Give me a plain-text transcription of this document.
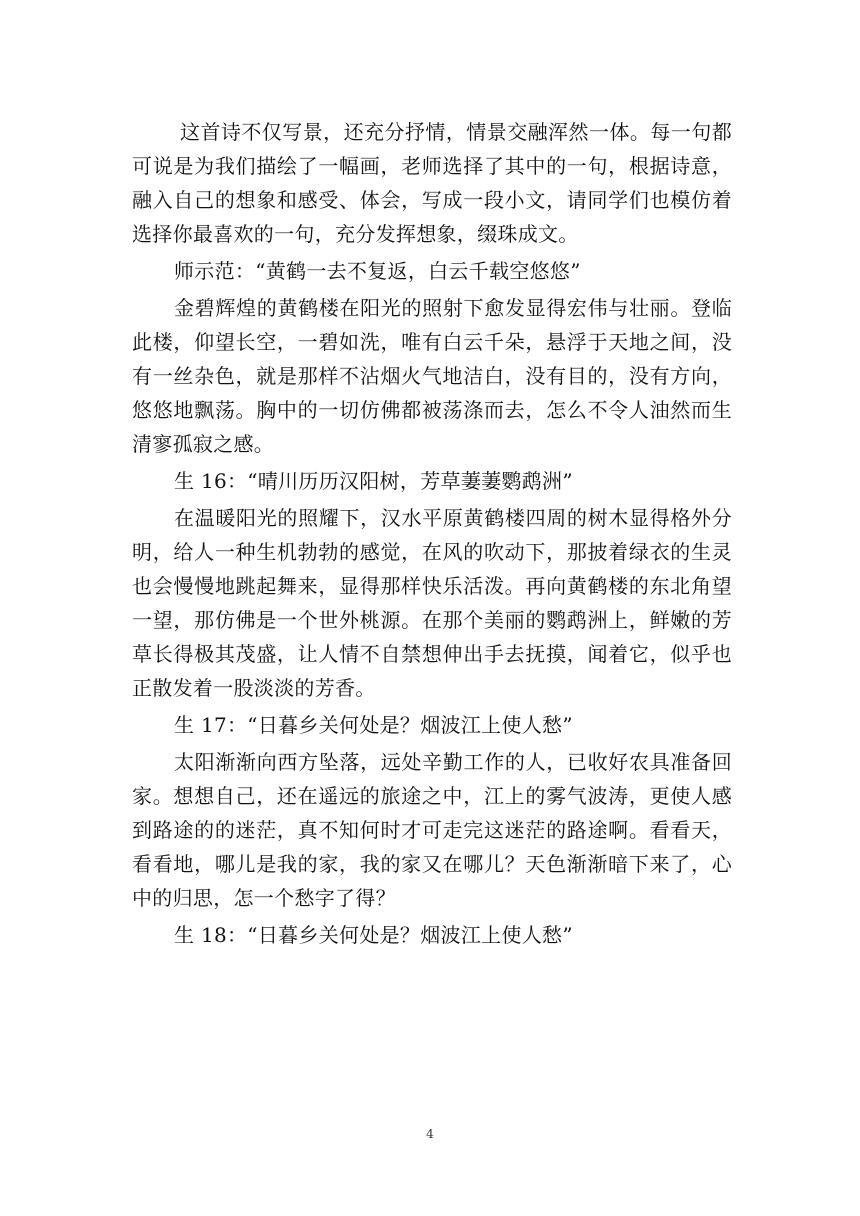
这首诗不仅写景，还充分抒情，情景交融浑然一体。每一句都可说是为我们描绘了一幅画，老师选择了其中的一句，根据诗意，融入自己的想象和感受、体会，写成一段小文，请同学们也模仿着选择你最喜欢的一句，充分发挥想象，缀珠成文。

师示范：“黄鹤一去不复返，白云千载空悠悠”

金碧辉煌的黄鹤楼在阳光的照射下愈发显得宏伟与壮丽。登临此楼，仰望长空，一碧如洗，唯有白云千朵，悬浮于天地之间，没有一丝杂色，就是那样不沾烟火气地洁白，没有目的，没有方向，悠悠地飘荡。胸中的一切仿佛都被荡涤而去，怎么不令人油然而生清寥孤寂之感。

生 16：“晴川历历汉阳树，芳草萋萋鹦鹉洲”

在温暖阳光的照耀下，汉水平原黄鹤楼四周的树木显得格外分明，给人一种生机勃勃的感觉，在风的吹动下，那披着绿衣的生灵也会慢慢地跳起舞来，显得那样快乐活泼。再向黄鹤楼的东北角望一望，那仿佛是一个世外桃源。在那个美丽的鹦鹉洲上，鲜嫩的芳草长得极其茂盛，让人情不自禁想伸出手去抚摸，闻着它，似乎也正散发着一股淡淡的芳香。

生 17：“日暮乡关何处是？烟波江上使人愁”

太阳渐渐向西方坠落，远处辛勤工作的人，已收好农具准备回家。想想自己，还在遥远的旅途之中，江上的雾气波涛，更使人感到路途的的迷茫，真不知何时才可走完这迷茫的路途啊。看看天，看看地，哪儿是我的家，我的家又在哪儿？天色渐渐暗下来了，心中的归思，怎一个愁字了得？

生 18：“日暮乡关何处是？烟波江上使人愁”

4
